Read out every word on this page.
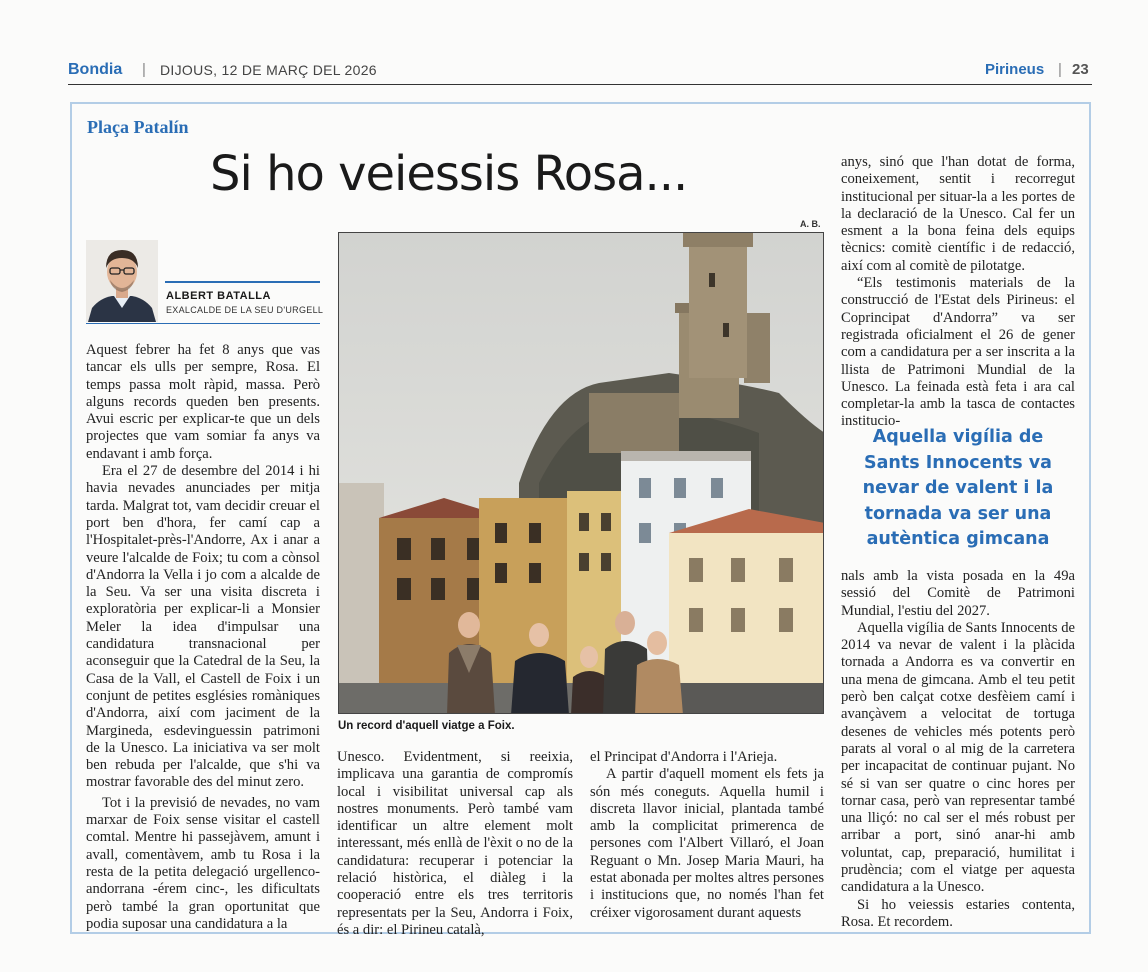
Bondia | DIJOUS, 12 DE MARÇ DEL 2026	Pirineus | 23
Plaça Patalín
Si ho veiessis Rosa...
ALBERT BATALLA
EXALCALDE DE LA SEU D'URGELL
A. B.
Un record d'aquell viatge a Foix.

Aquest febrer ha fet 8 anys que vas tancar els ulls per sempre, Rosa. El temps passa molt ràpid, massa. Però alguns records queden ben presents. Avui escric per explicar-te que un dels projectes que vam somiar fa anys va endavant i amb força.

Era el 27 de desembre del 2014 i hi havia nevades anunciades per mitja tarda. Malgrat tot, vam decidir creuar el port ben d'hora, fer camí cap a l'Hospitalet-près-l'Andorre, Ax i anar a veure l'alcalde de Foix; tu com a cònsol d'Andorra la Vella i jo com a alcalde de la Seu. Va ser una visita discreta i exploratòria per explicar-li a Monsier Meler la idea d'impulsar una candidatura transnacional per aconseguir que la Catedral de la Seu, la Casa de la Vall, el Castell de Foix i un conjunt de petites esglésies romàniques d'Andorra, així com jaciment de la Margineda, esdevinguessin patrimoni de la Unesco. La iniciativa va ser molt ben rebuda per l'alcalde, que s'hi va mostrar favorable des del minut zero.

Tot i la previsió de nevades, no vam marxar de Foix sense visitar el castell comtal. Mentre hi passejàvem, amunt i avall, comentàvem, amb tu Rosa i la resta de la petita delegació urgellenco-andorrana -érem cinc-, les dificultats però també la gran oportunitat que podia suposar una candidatura a la

Unesco. Evidentment, si reeixia, implicava una garantia de compromís local i visibilitat universal cap als nostres monuments. Però també vam identificar un altre element molt interessant, més enllà de l'èxit o no de la candidatura: recuperar i potenciar la relació històrica, el diàleg i la cooperació entre els tres territoris representats per la Seu, Andorra i Foix, és a dir: el Pirineu català,

el Principat d'Andorra i l'Arieja.

A partir d'aquell moment els fets ja són més coneguts. Aquella humil i discreta llavor inicial, plantada també amb la complicitat primerenca de persones com l'Albert Villaró, el Joan Reguant o Mn. Josep Maria Mauri, ha estat abonada per moltes altres persones i institucions que, no només l'han fet créixer vigorosament durant aquests

anys, sinó que l'han dotat de forma, coneixement, sentit i recorregut institucional per situar-la a les portes de la declaració de la Unesco. Cal fer un esment a la bona feina dels equips tècnics: comitè científic i de redacció, així com al comitè de pilotatge.

“Els testimonis materials de la construcció de l'Estat dels Pirineus: el Coprincipat d'Andorra” va ser registrada oficialment el 26 de gener com a candidatura per a ser inscrita a la llista de Patrimoni Mundial de la Unesco. La feinada està feta i ara cal completar-la amb la tasca de contactes institucio-

Aquella vigília de Sants Innocents va nevar de valent i la tornada va ser una autèntica gimcana

nals amb la vista posada en la 49a sessió del Comitè de Patrimoni Mundial, l'estiu del 2027.

Aquella vigília de Sants Innocents de 2014 va nevar de valent i la plàcida tornada a Andorra es va convertir en una mena de gimcana. Amb el teu petit però ben calçat cotxe desfèiem camí i avançàvem a velocitat de tortuga desenes de vehicles més potents però parats al voral o al mig de la carretera per incapacitat de continuar pujant. No sé si van ser quatre o cinc hores per tornar casa, però van representar també una lliçó: no cal ser el més robust per arribar a port, sinó anar-hi amb voluntat, cap, preparació, humilitat i prudència; com el viatge per aquesta candidatura a la Unesco.

Si ho veiessis estaries contenta, Rosa. Et recordem.
